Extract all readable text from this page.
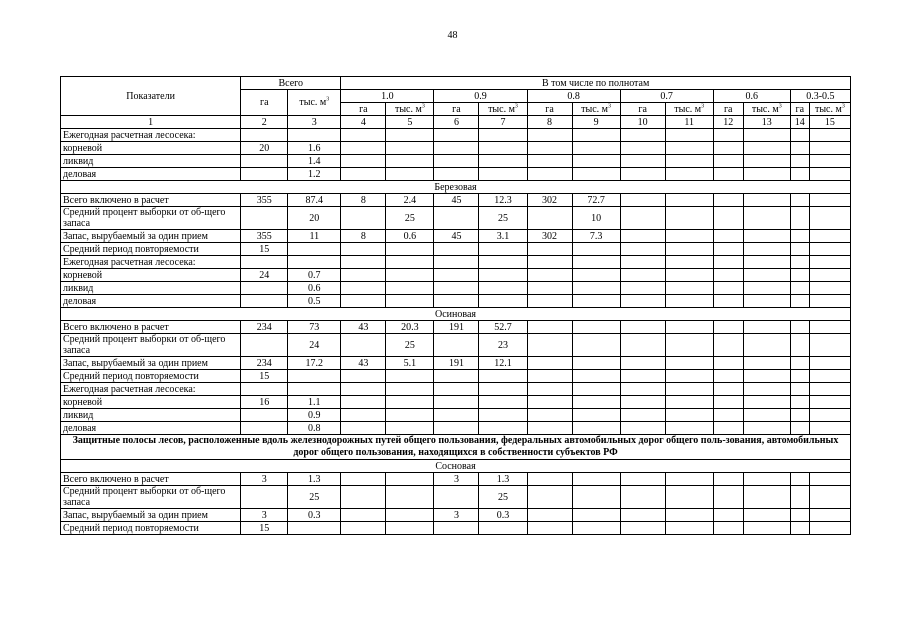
48
Показатели	Всего		В том числе по полнотам											
	га	тыс. $м^3$	1.0		0.9		0.8		0.7		0.6		0.3-0.5	
			га	тыс. $м^3$	га	тыс. $м^3$	га	тыс. $м^3$	га	тыс. $м^3$	га	тыс. $м^3$	га	тыс. $м^3$
1	2	3	4	5	6	7	8	9	10	11	12	13	14	15
Ежегодная расчетная лесосека:														
корневой	20	1.6												
ликвид		1.4												
деловая		1.2												
Березовая														
Всего включено в расчет	355	87.4	8	2.4	45	12.3	302	72.7						
Средний процент выборки от об-щего запаса		20		25		25		10						
Запас, вырубаемый за один прием	355	11	8	0.6	45	3.1	302	7.3						
Средний период повторяемости	15													
Ежегодная расчетная лесосека:														
корневой	24	0.7												
ликвид		0.6												
деловая		0.5												
Осиновая														
Всего включено в расчет	234	73	43	20.3	191	52.7								
Средний процент выборки от об-щего запаса		24		25		23								
Запас, вырубаемый за один прием	234	17.2	43	5.1	191	12.1								
Средний период повторяемости	15													
Ежегодная расчетная лесосека:														
корневой	16	1.1												
ликвид		0.9												
деловая		0.8												
Защитные полосы лесов, расположенные вдоль железнодорожных путей общего пользования, федеральных автомобильных дорог общего поль-зования, автомобильных дорог общего пользования, находящихся в собственности субъектов РФ														
Сосновая														
Всего включено в расчет	3	1.3			3	1.3								
Средний процент выборки от об-щего запаса		25				25								
Запас, вырубаемый за один прием	3	0.3			3	0.3								
Средний период повторяемости	15													
